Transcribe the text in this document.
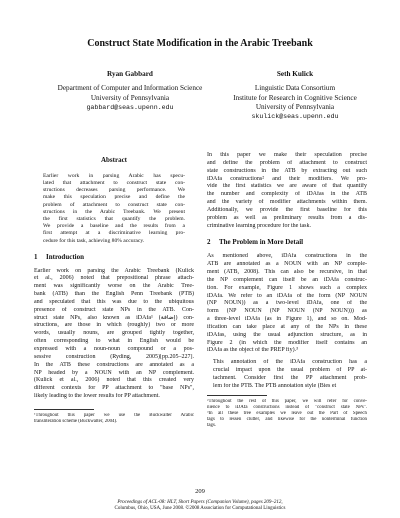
Construct State Modification in the Arabic Treebank
Ryan Gabbard
Department of Computer and Information Science
University of Pennsylvania
gabbard@seas.upenn.edu
Seth Kulick
Linguistic Data Consortium
Institute for Research in Cognitive Science
University of Pennsylvania
skulick@seas.upenn.edu
Abstract
Earlier work in parsing Arabic has specu-
lated that attachment to construct state con-
structions decreases parsing performance. We
make this speculation precise and define the
problem of attachment to construct state con-
structions in the Arabic Treebank. We present
the first statistics that quantify the problem.
We provide a baseline and the results from a
first attempt at a discriminative learning pro-
cedure for this task, achieving 80% accuracy.
1 Introduction
Earlier work on parsing the Arabic Treebank (Kulick
et al., 2006) noted that prepositional phrase attach-
ment was significantly worse on the Arabic Tree-
bank (ATB) than the English Penn Treebank (PTB)
and speculated that this was due to the ubiquitous
presence of construct state NPs in the ATB. Con-
struct state NPs, also known as iDAfa¹ (إضافة) con-
structions, are those in which (roughly) two or more
words, usually nouns, are grouped tightly together,
often corresponding to what in English would be
expressed with a noun-noun compound or a pos-
sessive construction (Ryding, 2005)[pp.205–227].
In the ATB these constructions are annotated as a
NP headed by a NOUN with an NP complement.
(Kulick et al., 2006) noted that this created very
different contexts for PP attachment to "base NPs",
likely leading to the lower results for PP attachment.
¹Throughout this paper we use the Buckwalter Arabic
transliteration scheme (Buckwalter, 2004).
In this paper we make their speculation precise
and define the problem of attachment to construct
state constructions in the ATB by extracting out such
iDAfa constructions² and their modifiers. We pro-
vide the first statistics we are aware of that quantify
the number and complexity of iDAfas in the ATB
and the variety of modifier attachments within them.
Additionally, we provide the first baseline for this
problem as well as preliminary results from a dis-
criminative learning procedure for the task.
2 The Problem in More Detail
As mentioned above, iDAfa constructions in the
ATB are annotated as a NOUN with an NP comple-
ment (ATB, 2008). This can also be recursive, in that
the NP complement can itself be an iDAfa construc-
tion. For example, Figure 1 shows such a complex
iDAfa. We refer to an iDAfa of the form (NP NOUN
(NP NOUN)) as a two-level iDAfa, one of the
form (NP NOUN (NP NOUN (NP NOUN))) as
a three-level iDAfa (as in Figure 1), and so on. Mod-
ification can take place at any of the NPs in these
iDAfas, using the usual adjunction structure, as in
Figure 2 (in which the modifier itself contains an
iDAfa as the object of the PREP fiy).³
This annotation of the iDAfa construction has a
crucial impact upon the usual problem of PP at-
tachment. Consider first the PP attachment prob-
lem for the PTB. The PTB annotation style (Bies et
²Throughout the rest of this paper, we will refer for conve-
nience to iDAfa constructions instead of "construct state NPs".
³In all these tree examples we leave out the Part of Speech
tags to lessen clutter, and likewise for the nonterminal function
tags.
209
Proceedings of ACL-08: HLT, Short Papers (Companion Volume), pages 209–212,
Columbus, Ohio, USA, June 2008. ©2008 Association for Computational Linguistics
